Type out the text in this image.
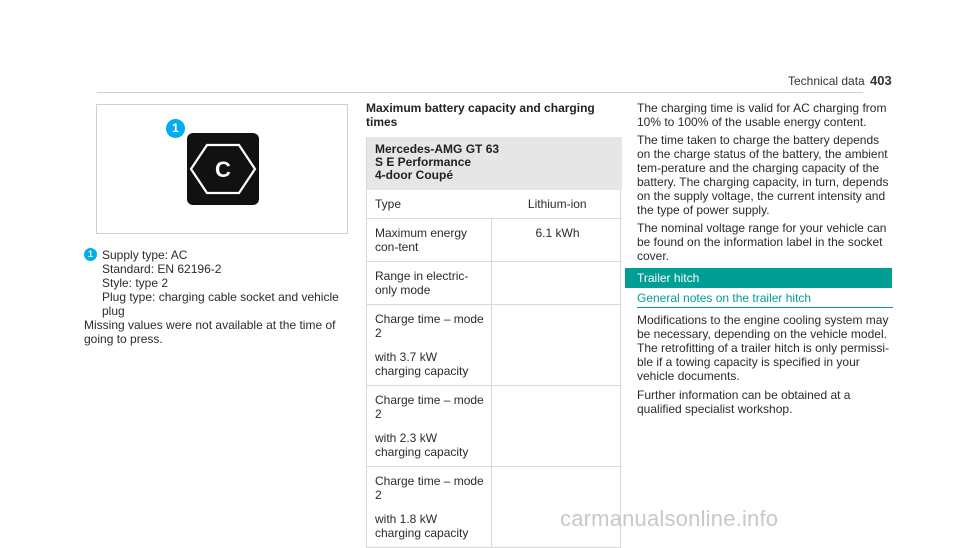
Technical data 403
1
C
1 Supply type: AC

Standard: EN 62196-2

Style: type 2

Plug type: charging cable socket and vehicle plug

Missing values were not available at the time of going to press.

Maximum battery capacity and charging times
Mercedes-AMG GT 63
S E Performance
4-door Coupé	

Type	Lithium-ion
Maximum energy con-tent	6.1 kWh
Range in electric-only mode	
Charge time – mode 2
with 3.7 kW charging capacity	

Charge time – mode 2
with 2.3 kW charging capacity	

Charge time – mode 2
with 1.8 kW charging capacity	

The charging time is valid for AC charging from 10% to 100% of the usable energy content.

The time taken to charge the battery depends on the charge status of the battery, the ambient tem-perature and the charging capacity of the battery. The charging capacity, in turn, depends on the supply voltage, the current intensity and the type of power supply.

The nominal voltage range for your vehicle can be found on the information label in the socket cover.

Trailer hitch
General notes on the trailer hitch

Modifications to the engine cooling system may be necessary, depending on the vehicle model. The retrofitting of a trailer hitch is only permissi-ble if a towing capacity is specified in your vehicle documents.

Further information can be obtained at a qualified specialist workshop.

carmanualsonline.info
